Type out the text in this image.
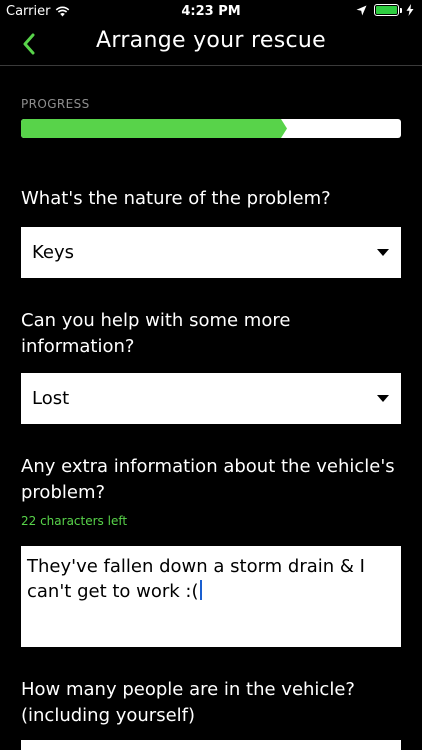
Carrier	4:23 PM
Arrange your rescue
PROGRESS
What's the nature of the problem?
Keys
Can you help with some more information?
Lost
Any extra information about the vehicle's problem?
22 characters left
They've fallen down a storm drain & I can't get to work :(
How many people are in the vehicle? (including yourself)
